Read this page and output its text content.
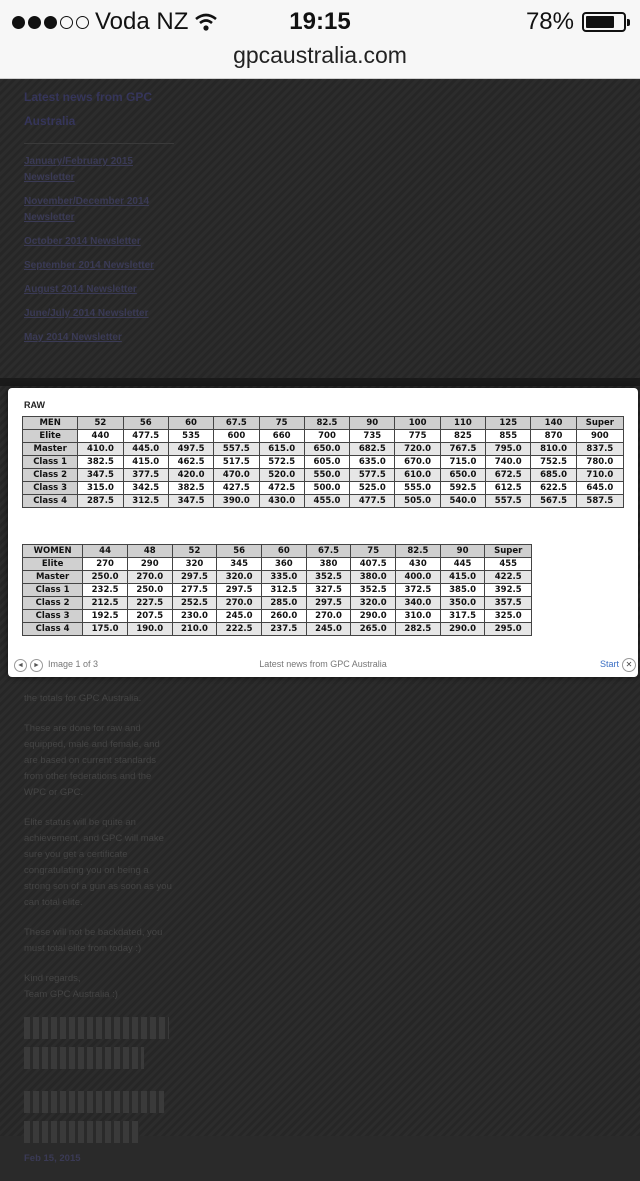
Voda NZ	19:15	78%
gpcaustralia.com
Latest news from GPC Australia
January/February 2015 Newsletter
November/December 2014 Newsletter
October 2014 Newsletter
September 2014 Newsletter
August 2014 Newsletter
June/July 2014 Newsletter
May 2014 Newsletter

the totals for GPC Australia.

These are done for raw and equipped, male and female, and are based on current standards from other federations and the WPC or GPC.

Elite status will be quite an achievement, and GPC will make sure you get a certificate congratulating you on being a strong son of a gun as soon as you can total elite.

These will not be backdated, you must total elite from today :)

Kind regards,

Team GPC Australia :)

Feb 15, 2015

RAW
MEN	52	56	60	67.5	75	82.5	90	100	110	125	140	Super
Elite	440	477.5	535	600	660	700	735	775	825	855	870	900
Master	410.0	445.0	497.5	557.5	615.0	650.0	682.5	720.0	767.5	795.0	810.0	837.5
Class 1	382.5	415.0	462.5	517.5	572.5	605.0	635.0	670.0	715.0	740.0	752.5	780.0
Class 2	347.5	377.5	420.0	470.0	520.0	550.0	577.5	610.0	650.0	672.5	685.0	710.0
Class 3	315.0	342.5	382.5	427.5	472.5	500.0	525.0	555.0	592.5	612.5	622.5	645.0
Class 4	287.5	312.5	347.5	390.0	430.0	455.0	477.5	505.0	540.0	557.5	567.5	587.5
WOMEN	44	48	52	56	60	67.5	75	82.5	90	Super
Elite	270	290	320	345	360	380	407.5	430	445	455
Master	250.0	270.0	297.5	320.0	335.0	352.5	380.0	400.0	415.0	422.5
Class 1	232.5	250.0	277.5	297.5	312.5	327.5	352.5	372.5	385.0	392.5
Class 2	212.5	227.5	252.5	270.0	285.0	297.5	320.0	340.0	350.0	357.5
Class 3	192.5	207.5	230.0	245.0	260.0	270.0	290.0	310.0	317.5	325.0
Class 4	175.0	190.0	210.0	222.5	237.5	245.0	265.0	282.5	290.0	295.0
◄	► Image 1 of 3	Latest news from GPC Australia	Start ✕
